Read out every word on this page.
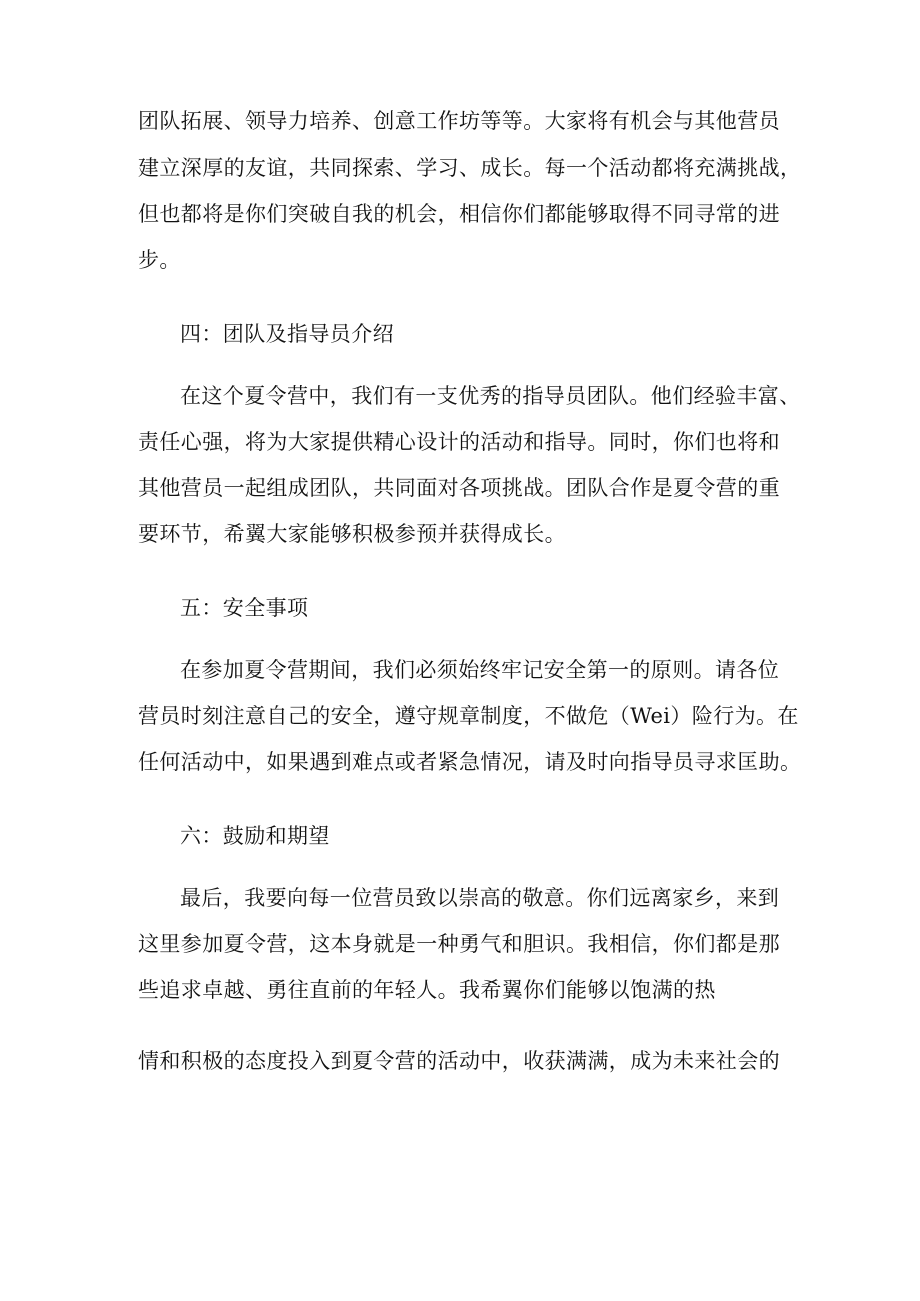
团队拓展、领导力培养、创意工作坊等等。大家将有机会与其他营员
建立深厚的友谊，共同探索、学习、成长。每一个活动都将充满挑战，
但也都将是你们突破自我的机会，相信你们都能够取得不同寻常的进
步。
四：团队及指导员介绍
在这个夏令营中，我们有一支优秀的指导员团队。他们经验丰富、
责任心强，将为大家提供精心设计的活动和指导。同时，你们也将和
其他营员一起组成团队，共同面对各项挑战。团队合作是夏令营的重
要环节，希翼大家能够积极参预并获得成长。
五：安全事项
在参加夏令营期间，我们必须始终牢记安全第一的原则。请各位
营员时刻注意自己的安全，遵守规章制度，不做危（Wei）险行为。在
任何活动中，如果遇到难点或者紧急情况，请及时向指导员寻求匡助。
六：鼓励和期望
最后，我要向每一位营员致以崇高的敬意。你们远离家乡，来到
这里参加夏令营，这本身就是一种勇气和胆识。我相信，你们都是那
些追求卓越、勇往直前的年轻人。我希翼你们能够以饱满的热
情和积极的态度投入到夏令营的活动中，收获满满，成为未来社会的
